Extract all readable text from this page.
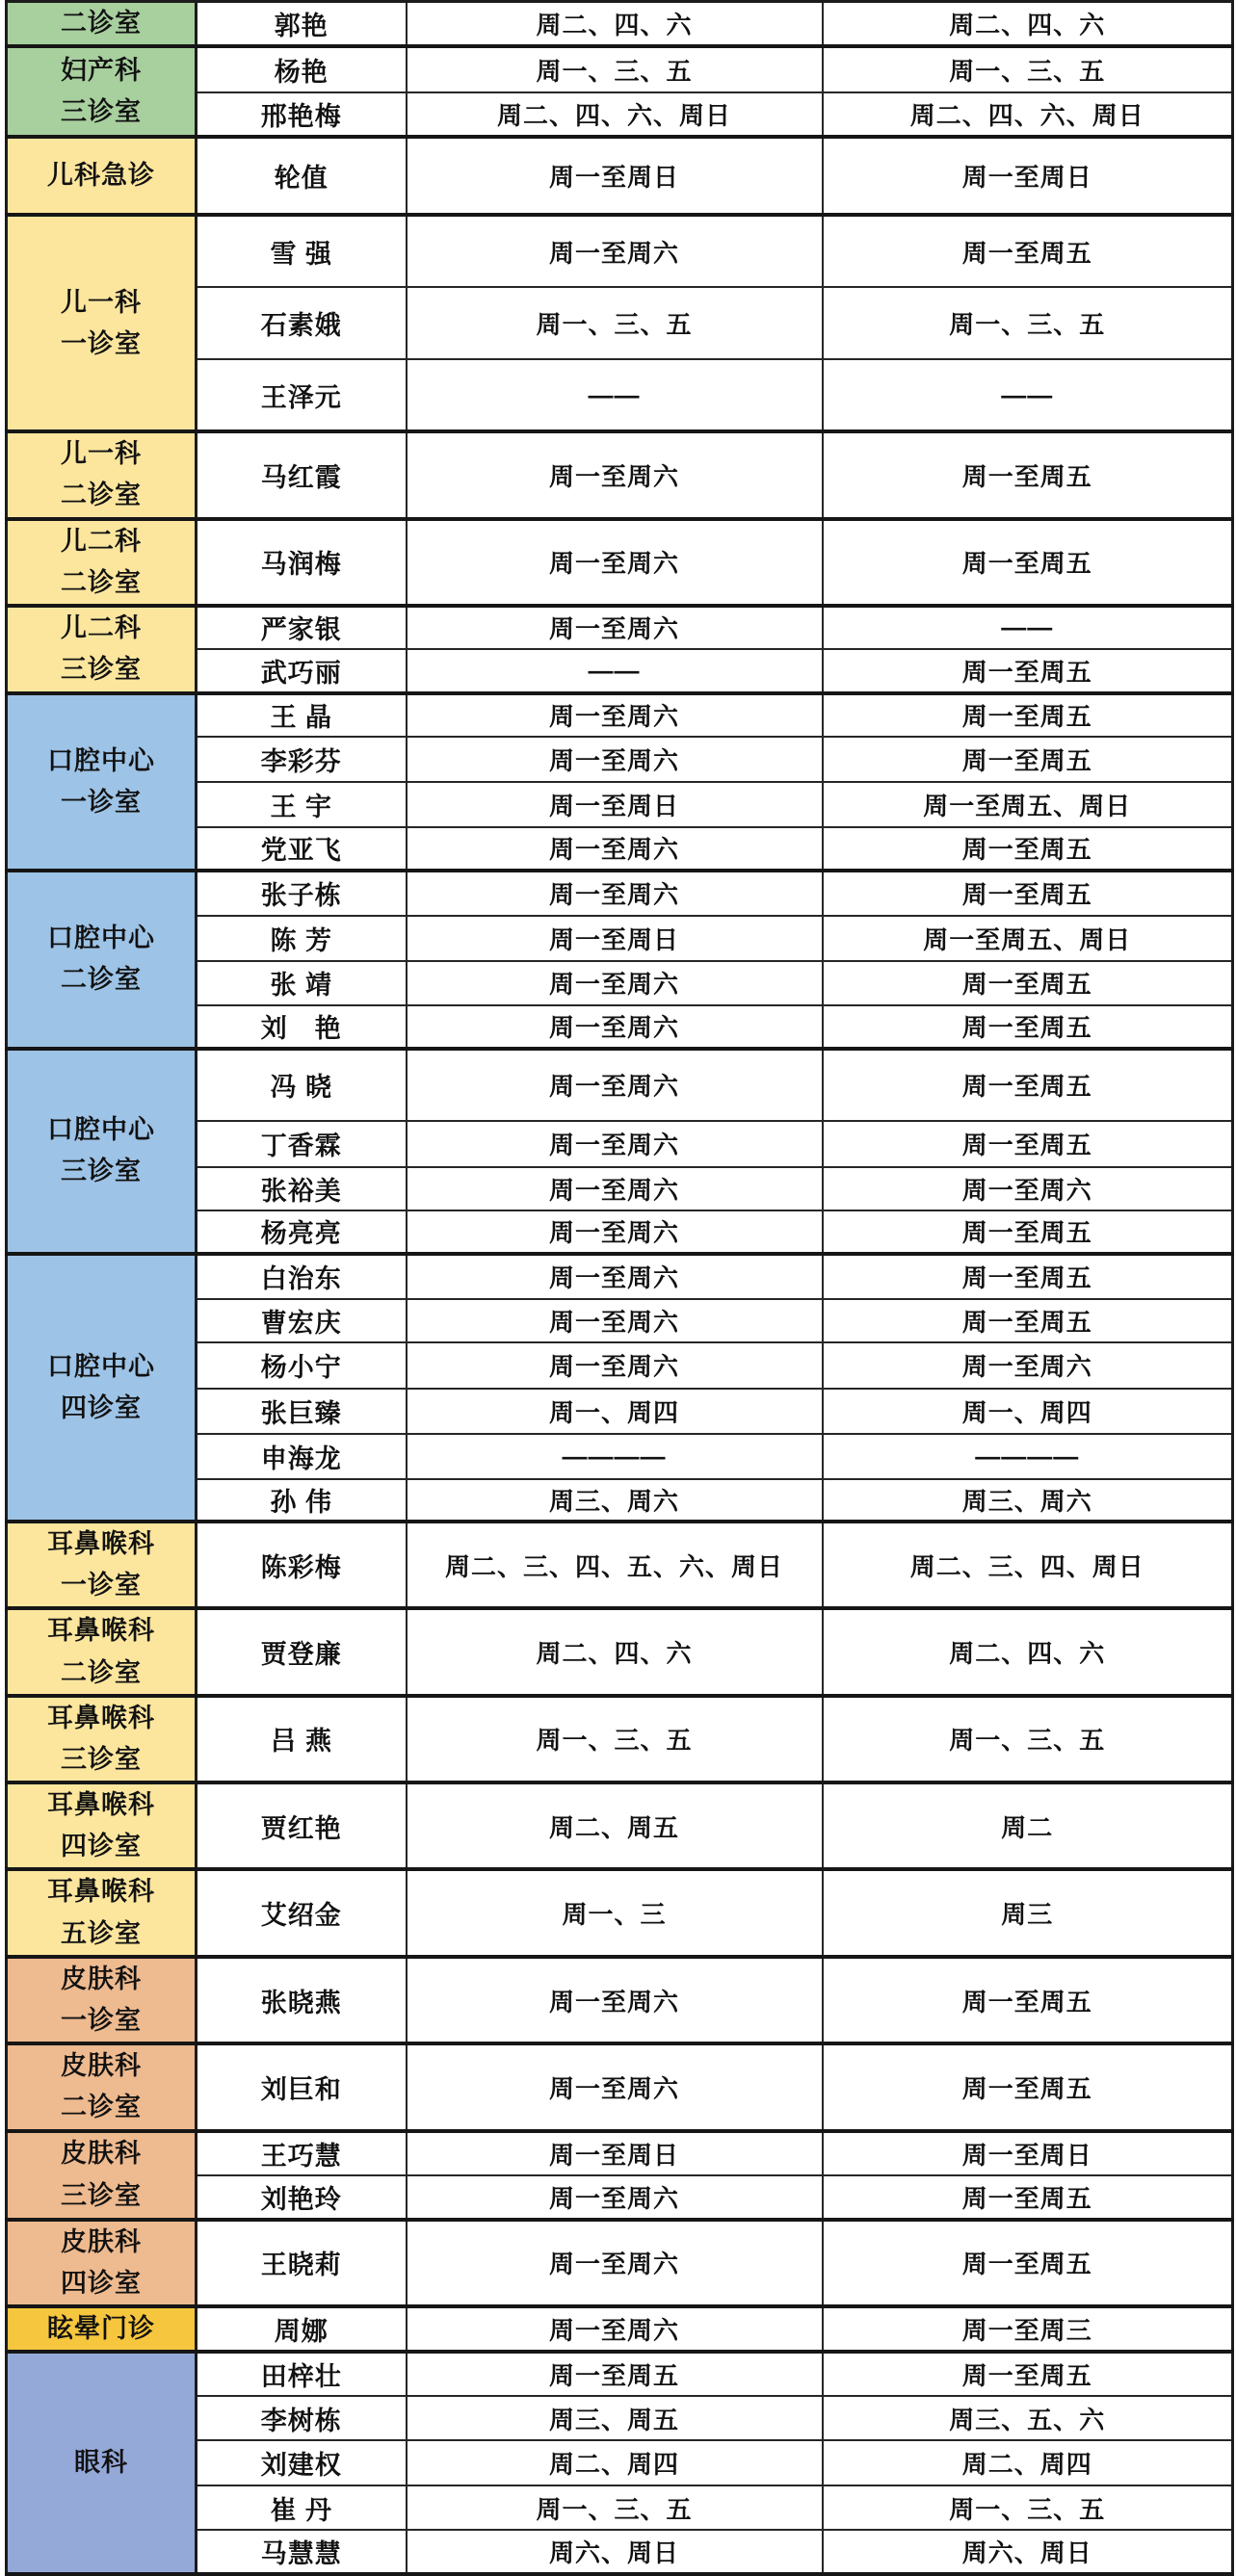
二诊室	郭艳	周二、四、六	周二、四、六

妇产科
三诊室	杨艳	周一、三、五	周一、三、五
	邢艳梅	周二、四、六、周日	周二、四、六、周日

儿科急诊	轮值	周一至周日	周一至周日

儿一科
一诊室	雪 强	周一至周六	周一至周五
	石素娥	周一、三、五	周一、三、五
	王泽元	——	——

儿一科
二诊室	马红霞	周一至周六	周一至周五

儿二科
二诊室	马润梅	周一至周六	周一至周五

儿二科
三诊室	严家银	周一至周六	——
	武巧丽	——	周一至周五

口腔中心
一诊室	王 晶	周一至周六	周一至周五
	李彩芬	周一至周六	周一至周五
	王 宇	周一至周日	周一至周五、周日
	党亚飞	周一至周六	周一至周五

口腔中心
二诊室	张子栋	周一至周六	周一至周五
	陈 芳	周一至周日	周一至周五、周日
	张 靖	周一至周六	周一至周五
	刘　艳	周一至周六	周一至周五

口腔中心
三诊室	冯 晓	周一至周六	周一至周五
	丁香霖	周一至周六	周一至周五
	张裕美	周一至周六	周一至周六
	杨亮亮	周一至周六	周一至周五

口腔中心
四诊室	白治东	周一至周六	周一至周五
	曹宏庆	周一至周六	周一至周五
	杨小宁	周一至周六	周一至周六
	张巨臻	周一、周四	周一、周四
	申海龙	————	————
	孙 伟	周三、周六	周三、周六

耳鼻喉科
一诊室	陈彩梅	周二、三、四、五、六、周日	周二、三、四、周日

耳鼻喉科
二诊室	贾登廉	周二、四、六	周二、四、六

耳鼻喉科
三诊室	吕 燕	周一、三、五	周一、三、五

耳鼻喉科
四诊室	贾红艳	周二、周五	周二

耳鼻喉科
五诊室	艾绍金	周一、三	周三

皮肤科
一诊室	张晓燕	周一至周六	周一至周五

皮肤科
二诊室	刘巨和	周一至周六	周一至周五

皮肤科
三诊室	王巧慧	周一至周日	周一至周日
	刘艳玲	周一至周六	周一至周五

皮肤科
四诊室	王晓莉	周一至周六	周一至周五

眩晕门诊	周娜	周一至周六	周一至周三

眼科	田梓壮	周一至周五	周一至周五
	李树栋	周三、周五	周三、五、六
	刘建权	周二、周四	周二、周四
	崔 丹	周一、三、五	周一、三、五
	马慧慧	周六、周日	周六、周日
